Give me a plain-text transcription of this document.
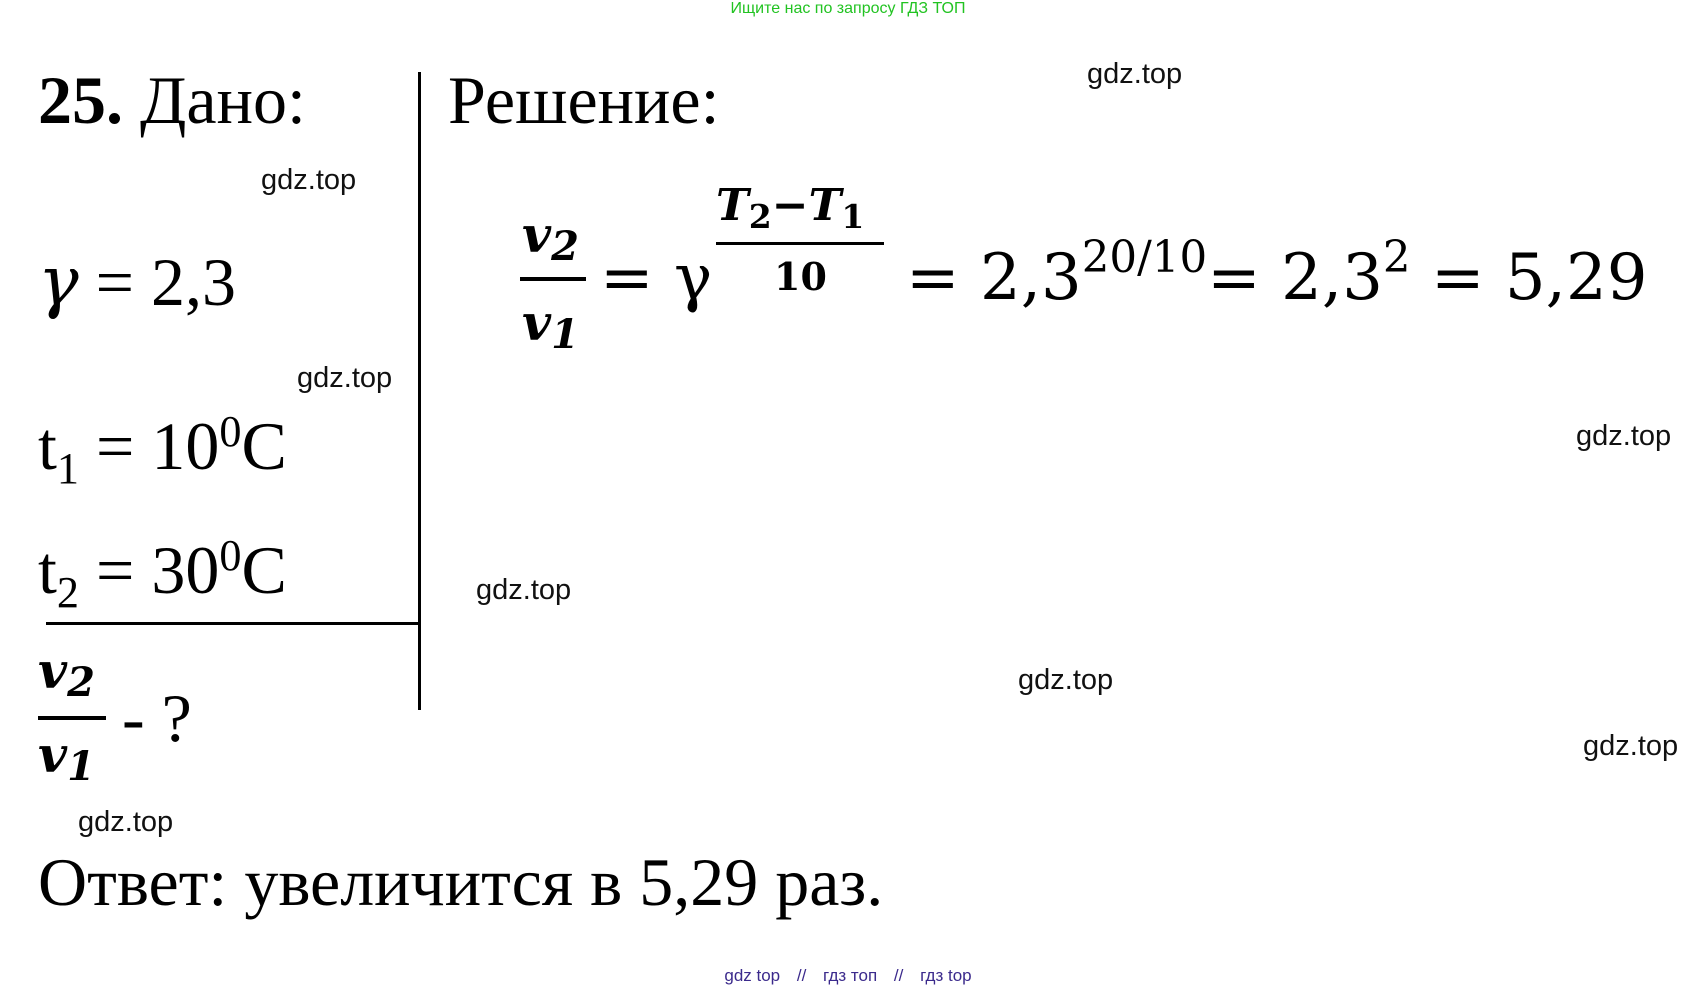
Ищите нас по запросу ГДЗ ТОП
25. Дано:
γ = 2,3
$t_1 = 10^0C$
$t_2 = 30^0C$
v2
v1
- ?
Решение:
v2
v1
= γ
T2−T1
$10 = 2,3^{20/10}= 2,3^2 = 5,29$
Ответ: увеличится в 5,29 раз.
gdz.top
gdz.top
gdz.top
gdz.top
gdz.top
gdz.top
gdz.top
gdz.top
gdz top // гдз топ // гдз top
